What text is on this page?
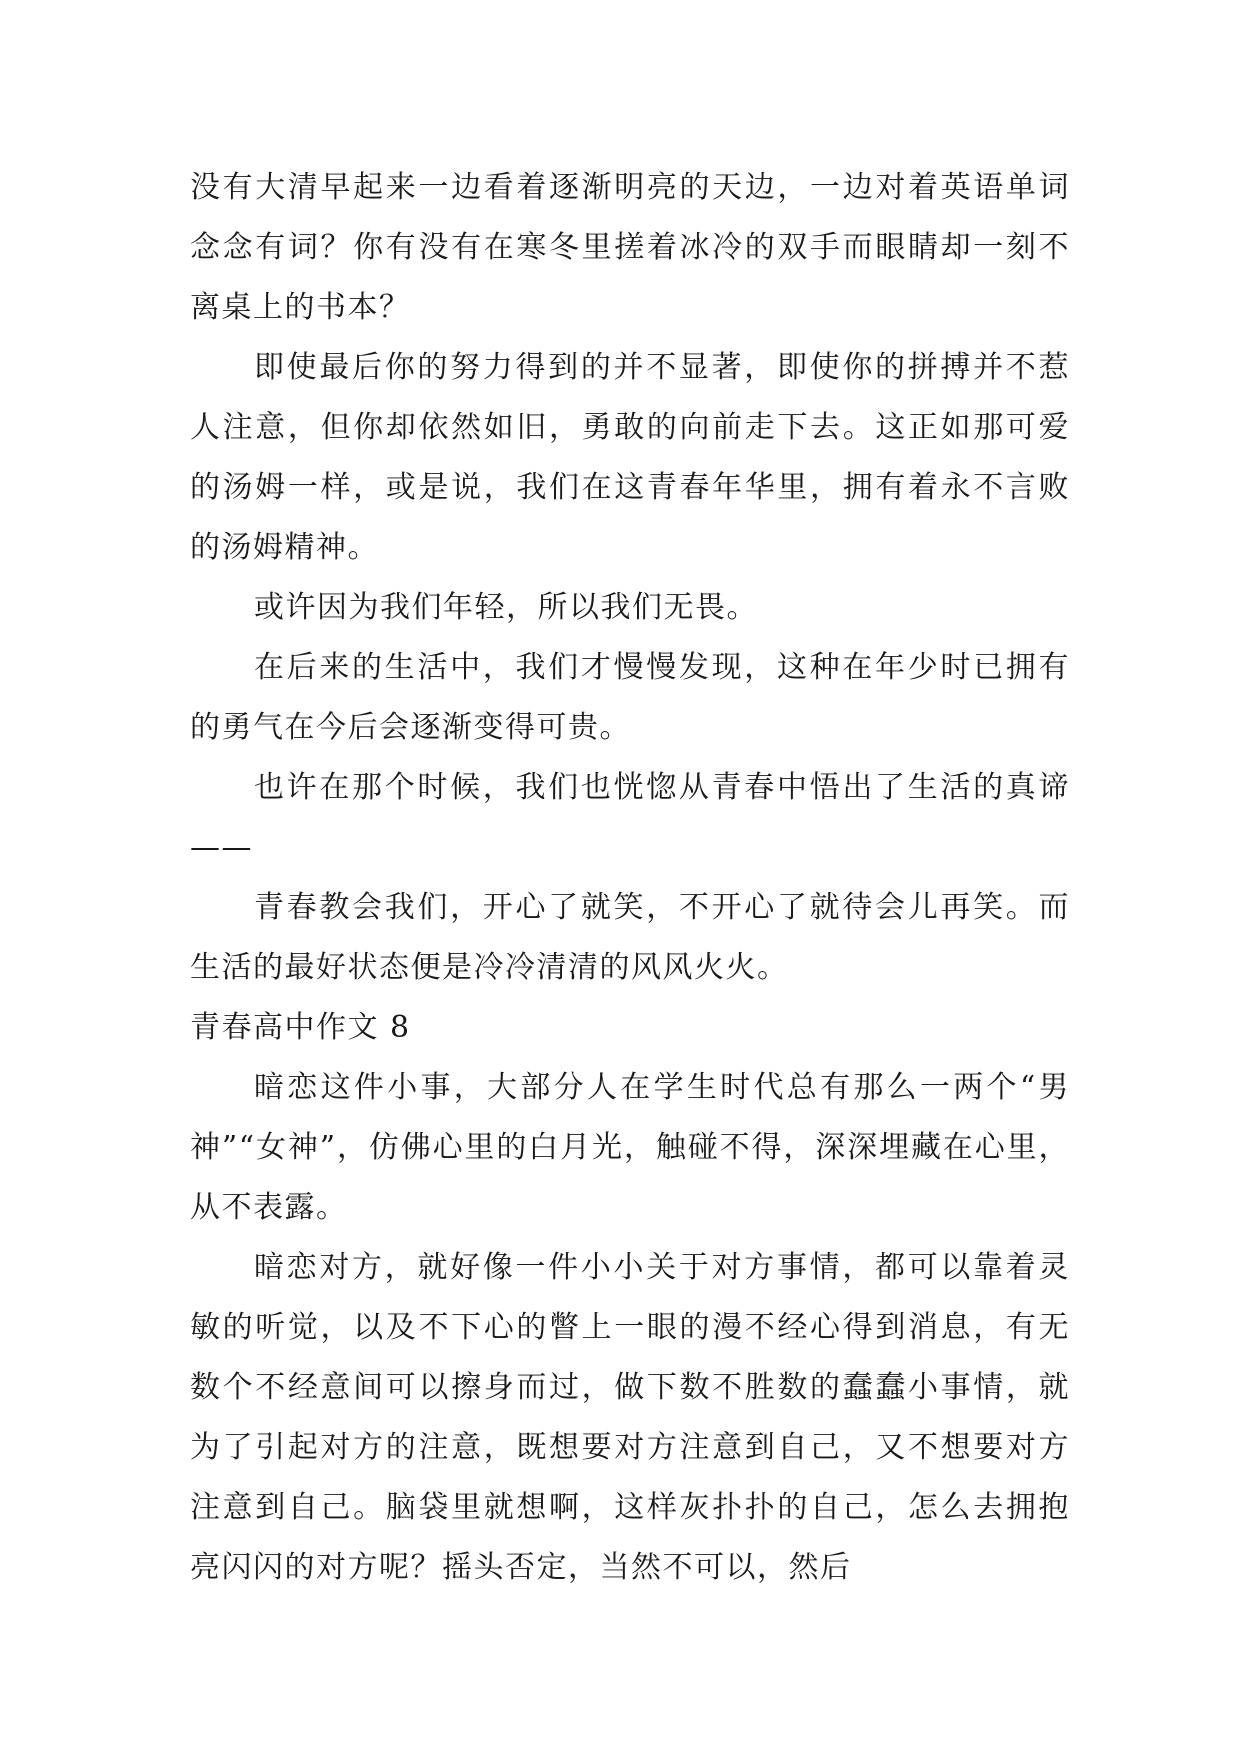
没有大清早起来一边看着逐渐明亮的天边，一边对着英语单词念念有词？你有没有在寒冬里搓着冰冷的双手而眼睛却一刻不离桌上的书本？

即使最后你的努力得到的并不显著，即使你的拼搏并不惹人注意，但你却依然如旧，勇敢的向前走下去。这正如那可爱的汤姆一样，或是说，我们在这青春年华里，拥有着永不言败的汤姆精神。

或许因为我们年轻，所以我们无畏。

在后来的生活中，我们才慢慢发现，这种在年少时已拥有的勇气在今后会逐渐变得可贵。

也许在那个时候，我们也恍惚从青春中悟出了生活的真谛——

青春教会我们，开心了就笑，不开心了就待会儿再笑。而生活的最好状态便是冷冷清清的风风火火。

青春高中作文 8

暗恋这件小事，大部分人在学生时代总有那么一两个“男神”“女神”，仿佛心里的白月光，触碰不得，深深埋藏在心里，从不表露。

暗恋对方，就好像一件小小关于对方事情，都可以靠着灵敏的听觉，以及不下心的瞥上一眼的漫不经心得到消息，有无数个不经意间可以擦身而过，做下数不胜数的蠢蠢小事情，就为了引起对方的注意，既想要对方注意到自己，又不想要对方注意到自己。脑袋里就想啊，这样灰扑扑的自己，怎么去拥抱亮闪闪的对方呢？摇头否定，当然不可以，然后
